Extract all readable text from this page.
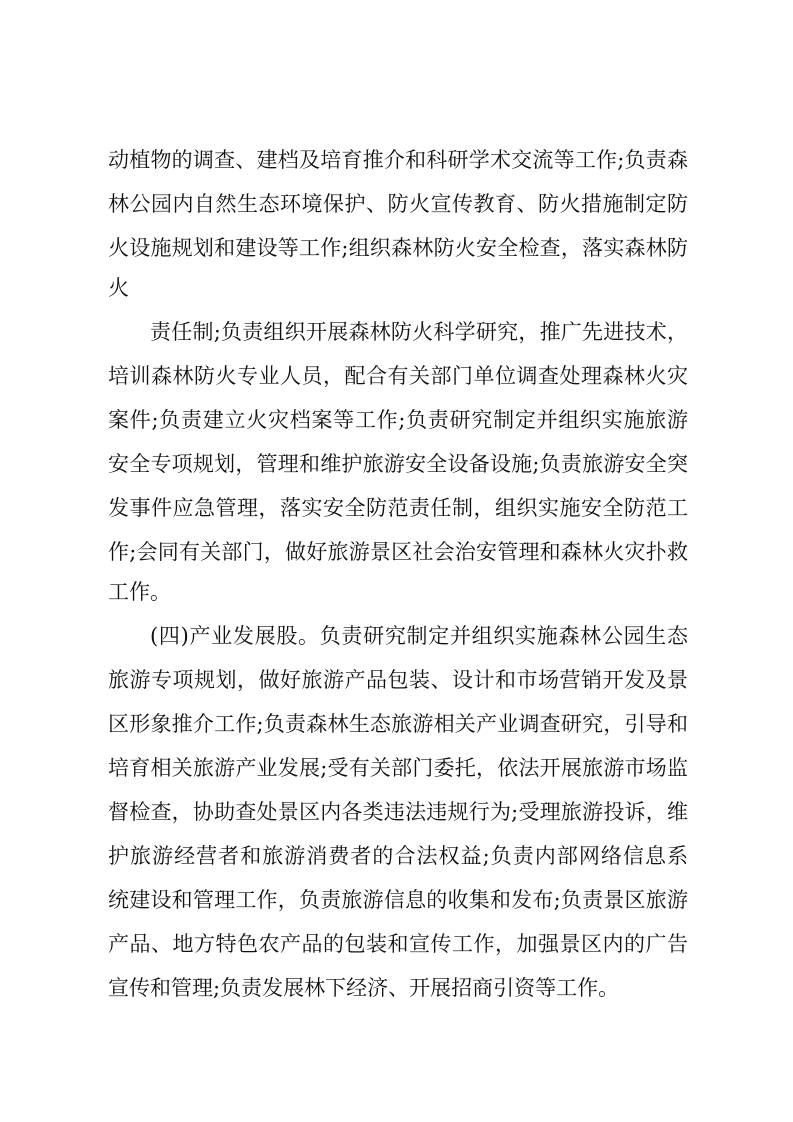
动植物的调查、建档及培育推介和科研学术交流等工作;负责森
林公园内自然生态环境保护、防火宣传教育、防火措施制定防
火设施规划和建设等工作;组织森林防火安全检查，落实森林防
火
责任制;负责组织开展森林防火科学研究，推广先进技术，
培训森林防火专业人员，配合有关部门单位调查处理森林火灾
案件;负责建立火灾档案等工作;负责研究制定并组织实施旅游
安全专项规划，管理和维护旅游安全设备设施;负责旅游安全突
发事件应急管理，落实安全防范责任制，组织实施安全防范工
作;会同有关部门，做好旅游景区社会治安管理和森林火灾扑救
工作。
(四)产业发展股。负责研究制定并组织实施森林公园生态
旅游专项规划，做好旅游产品包装、设计和市场营销开发及景
区形象推介工作;负责森林生态旅游相关产业调查研究，引导和
培育相关旅游产业发展;受有关部门委托，依法开展旅游市场监
督检查，协助查处景区内各类违法违规行为;受理旅游投诉，维
护旅游经营者和旅游消费者的合法权益;负责内部网络信息系
统建设和管理工作，负责旅游信息的收集和发布;负责景区旅游
产品、地方特色农产品的包装和宣传工作，加强景区内的广告
宣传和管理;负责发展林下经济、开展招商引资等工作。
